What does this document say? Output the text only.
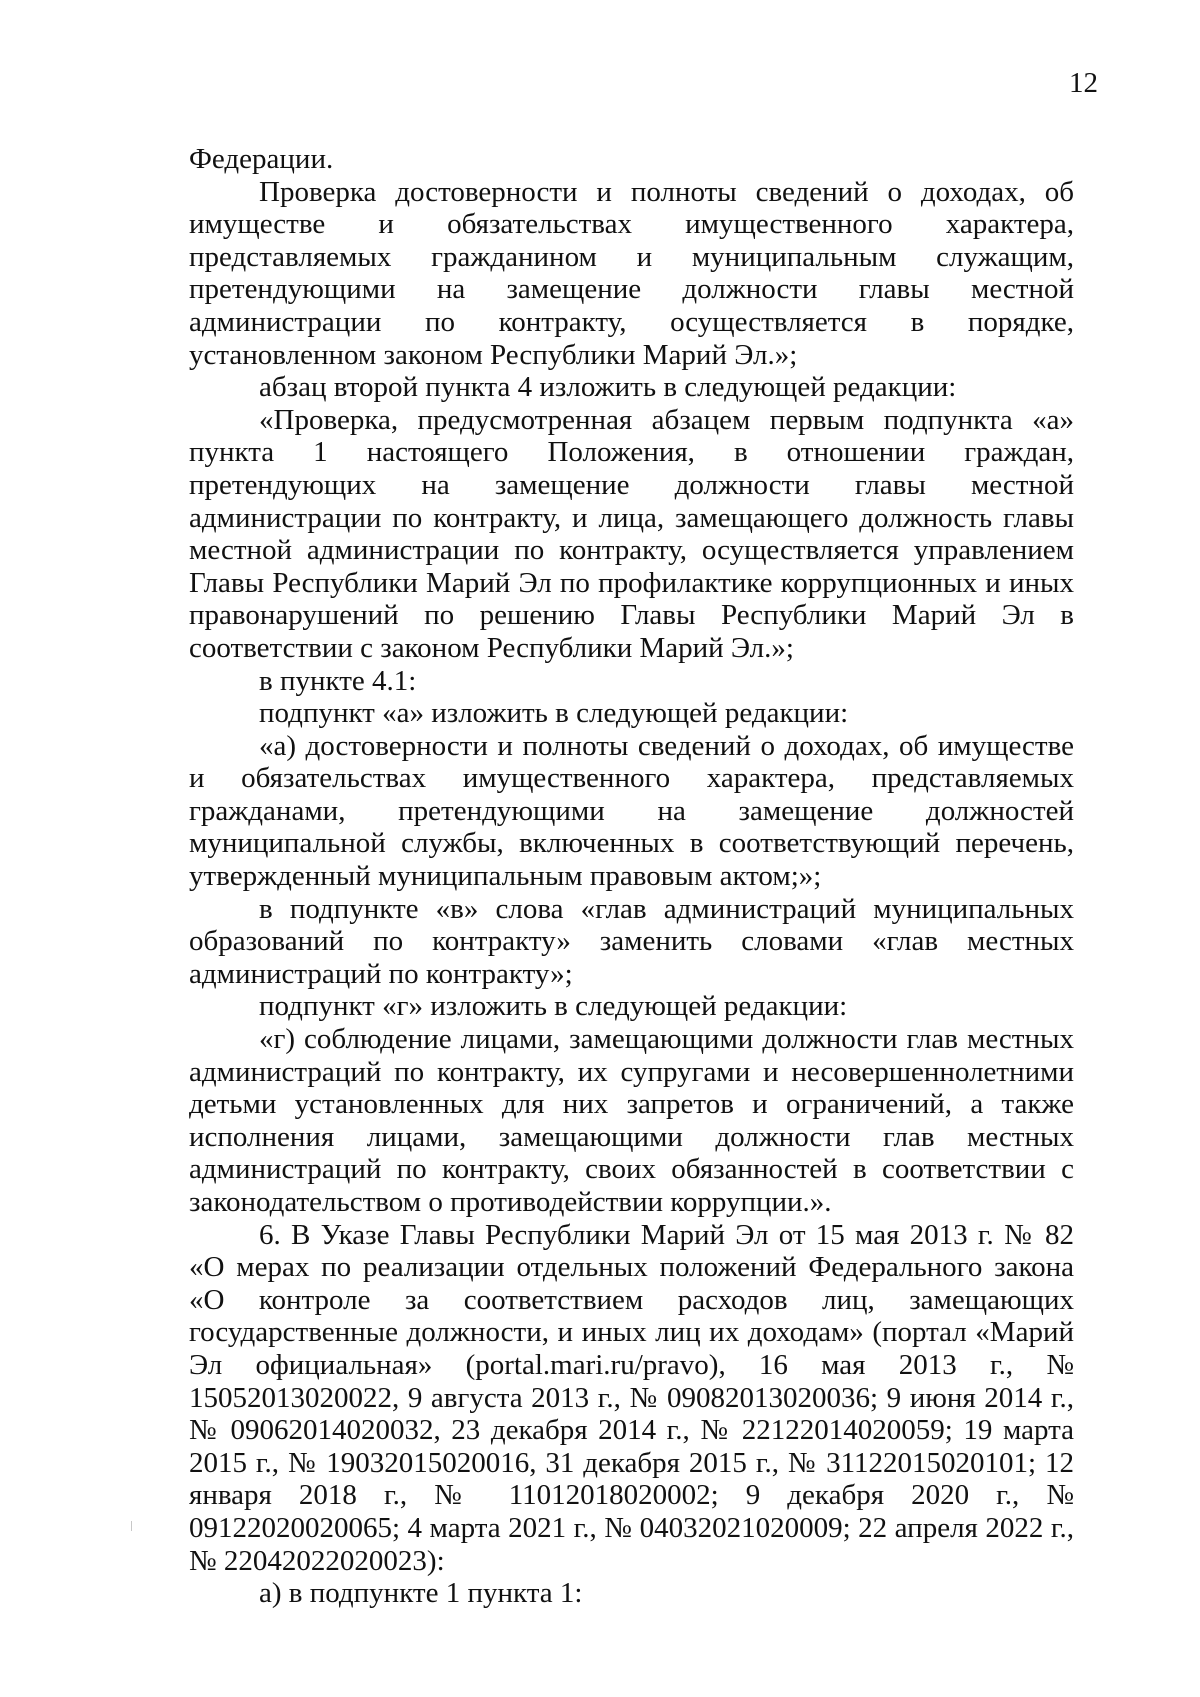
12

Федерации.

Проверка достоверности и полноты сведений о доходах, об имуществе и обязательствах имущественного характера, представляемых гражданином и муниципальным служащим, претендующими на замещение должности главы местной администрации по контракту, осуществляется в порядке, установленном законом Республики Марий Эл.»;

абзац второй пункта 4 изложить в следующей редакции:

«Проверка, предусмотренная абзацем первым подпункта «а» пункта 1 настоящего Положения, в отношении граждан, претендующих на замещение должности главы местной администрации по контракту, и лица, замещающего должность главы местной администрации по контракту, осуществляется управлением Главы Республики Марий Эл по профилактике коррупционных и иных правонарушений по решению Главы Республики Марий Эл в соответствии с законом Республики Марий Эл.»;

в пункте 4.1:

подпункт «а» изложить в следующей редакции:

«а) достоверности и полноты сведений о доходах, об имуществе и обязательствах имущественного характера, представляемых гражданами, претендующими на замещение должностей муниципальной службы, включенных в соответствующий перечень, утвержденный муниципальным правовым актом;»;

в подпункте «в» слова «глав администраций муниципальных образований по контракту» заменить словами «глав местных администраций по контракту»;

подпункт «г» изложить в следующей редакции:

«г) соблюдение лицами, замещающими должности глав местных администраций по контракту, их супругами и несовершеннолетними детьми установленных для них запретов и ограничений, а также исполнения лицами, замещающими должности глав местных администраций по контракту, своих обязанностей в соответствии с законодательством о противодействии коррупции.».

6. В Указе Главы Республики Марий Эл от 15 мая 2013 г. № 82 «О мерах по реализации отдельных положений Федерального закона «О контроле за соответствием расходов лиц, замещающих государственные должности, и иных лиц их доходам» (портал «Марий Эл официальная» (portal.mari.ru/pravo), 16 мая 2013 г., № 15052013020022, 9 августа 2013 г., № 09082013020036; 9 июня 2014 г., № 09062014020032, 23 декабря 2014 г., № 22122014020059; 19 марта 2015 г., № 19032015020016, 31 декабря 2015 г., № 31122015020101; 12 января 2018 г., № 11012018020002; 9 декабря 2020 г., № 09122020020065; 4 марта 2021 г., № 04032021020009; 22 апреля 2022 г., № 22042022020023):

а) в подпункте 1 пункта 1:
